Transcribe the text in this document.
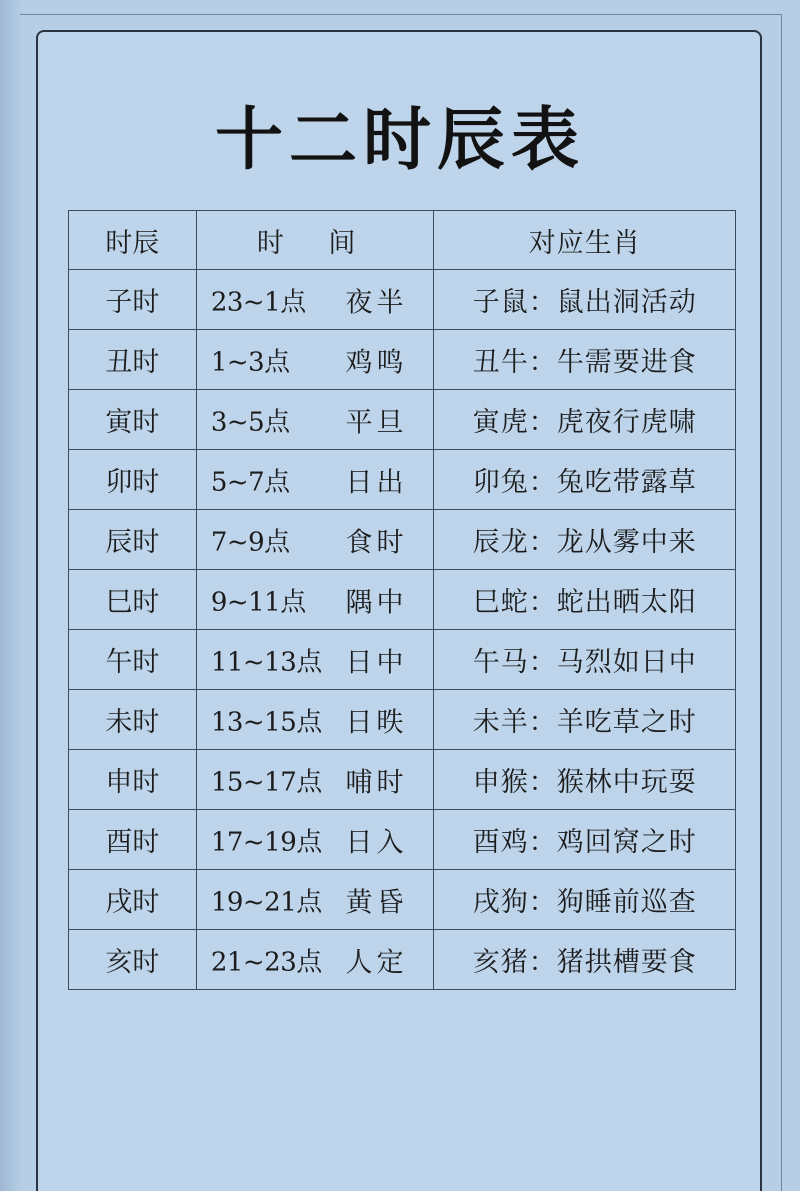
十二时辰表
时辰	时 间	对应生肖
子时	23~1点 夜半	子鼠：鼠出洞活动
丑时	1~3点 鸡鸣	丑牛：牛需要进食
寅时	3~5点 平旦	寅虎：虎夜行虎啸
卯时	5~7点 日出	卯兔：兔吃带露草
辰时	7~9点 食时	辰龙：龙从雾中来
巳时	9~11点 隅中	巳蛇：蛇出晒太阳
午时	11~13点 日中	午马：马烈如日中
未时	13~15点 日昳	未羊：羊吃草之时
申时	15~17点 哺时	申猴：猴林中玩耍
酉时	17~19点 日入	酉鸡：鸡回窝之时
戌时	19~21点 黄昏	戌狗：狗睡前巡查
亥时	21~23点 人定	亥猪：猪拱槽要食
